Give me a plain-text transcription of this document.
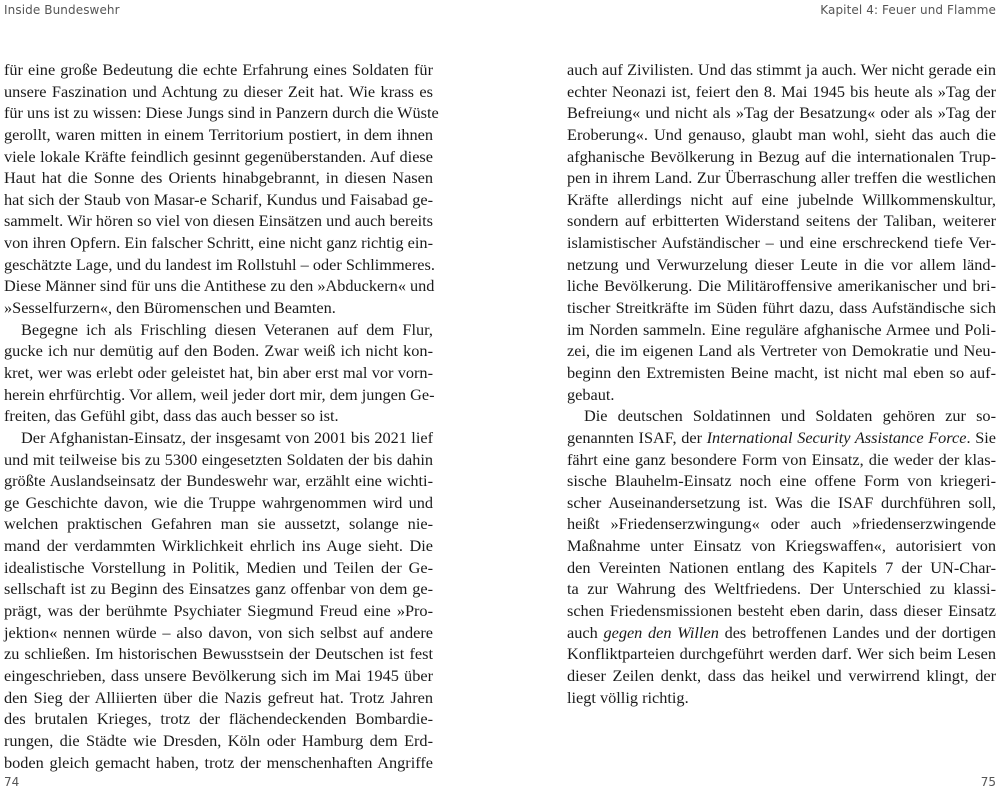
Inside Bundeswehr	Kapitel 4: Feuer und Flamme
für eine große Bedeutung die echte Erfahrung eines Soldaten für
unsere Faszination und Achtung zu dieser Zeit hat. Wie krass es
für uns ist zu wissen: Diese Jungs sind in Panzern durch die Wüste
gerollt, waren mitten in einem Territorium postiert, in dem ihnen
viele lokale Kräfte feindlich gesinnt gegenüberstanden. Auf diese
Haut hat die Sonne des Orients hinabgebrannt, in diesen Nasen
hat sich der Staub von Masar-e Scharif, Kundus und Faisabad ge-
sammelt. Wir hören so viel von diesen Einsätzen und auch bereits
von ihren Opfern. Ein falscher Schritt, eine nicht ganz richtig ein-
geschätzte Lage, und du landest im Rollstuhl – oder Schlimmeres.
Diese Männer sind für uns die Antithese zu den »Abduckern« und
»Sesselfurzern«, den Büromenschen und Beamten.
Begegne ich als Frischling diesen Veteranen auf dem Flur,
gucke ich nur demütig auf den Boden. Zwar weiß ich nicht kon-
kret, wer was erlebt oder geleistet hat, bin aber erst mal vor vorn-
herein ehrfürchtig. Vor allem, weil jeder dort mir, dem jungen Ge-
freiten, das Gefühl gibt, dass das auch besser so ist.
Der Afghanistan-Einsatz, der insgesamt von 2001 bis 2021 lief
und mit teilweise bis zu 5300 eingesetzten Soldaten der bis dahin
größte Auslandseinsatz der Bundeswehr war, erzählt eine wichti-
ge Geschichte davon, wie die Truppe wahrgenommen wird und
welchen praktischen Gefahren man sie aussetzt, solange nie-
mand der verdammten Wirklichkeit ehrlich ins Auge sieht. Die
idealistische Vorstellung in Politik, Medien und Teilen der Ge-
sellschaft ist zu Beginn des Einsatzes ganz offenbar von dem ge-
prägt, was der berühmte Psychiater Siegmund Freud eine »Pro-
jektion« nennen würde – also davon, von sich selbst auf andere
zu schließen. Im historischen Bewusstsein der Deutschen ist fest
eingeschrieben, dass unsere Bevölkerung sich im Mai 1945 über
den Sieg der Alliierten über die Nazis gefreut hat. Trotz Jahren
des brutalen Krieges, trotz der flächendeckenden Bombardie-
rungen, die Städte wie Dresden, Köln oder Hamburg dem Erd-
boden gleich gemacht haben, trotz der menschenhaften Angriffe
auch auf Zivilisten. Und das stimmt ja auch. Wer nicht gerade ein
echter Neonazi ist, feiert den 8. Mai 1945 bis heute als »Tag der
Befreiung« und nicht als »Tag der Besatzung« oder als »Tag der
Eroberung«. Und genauso, glaubt man wohl, sieht das auch die
afghanische Bevölkerung in Bezug auf die internationalen Trup-
pen in ihrem Land. Zur Überraschung aller treffen die westlichen
Kräfte allerdings nicht auf eine jubelnde Willkommenskultur,
sondern auf erbitterten Widerstand seitens der Taliban, weiterer
islamistischer Aufständischer – und eine erschreckend tiefe Ver-
netzung und Verwurzelung dieser Leute in die vor allem länd-
liche Bevölkerung. Die Militäroffensive amerikanischer und bri-
tischer Streitkräfte im Süden führt dazu, dass Aufständische sich
im Norden sammeln. Eine reguläre afghanische Armee und Poli-
zei, die im eigenen Land als Vertreter von Demokratie und Neu-
beginn den Extremisten Beine macht, ist nicht mal eben so auf-
gebaut.
Die deutschen Soldatinnen und Soldaten gehören zur so-
genannten ISAF, der International Security Assistance Force. Sie
fährt eine ganz besondere Form von Einsatz, die weder der klas-
sische Blauhelm-Einsatz noch eine offene Form von kriegeri-
scher Auseinandersetzung ist. Was die ISAF durchführen soll,
heißt »Friedenserzwingung« oder auch »friedenserzwingende
Maßnahme unter Einsatz von Kriegswaffen«, autorisiert von
den Vereinten Nationen entlang des Kapitels 7 der UN-Char-
ta zur Wahrung des Weltfriedens. Der Unterschied zu klassi-
schen Friedensmissionen besteht eben darin, dass dieser Einsatz
auch gegen den Willen des betroffenen Landes und der dortigen
Konfliktparteien durchgeführt werden darf. Wer sich beim Lesen
dieser Zeilen denkt, dass das heikel und verwirrend klingt, der
liegt völlig richtig.
74	75
